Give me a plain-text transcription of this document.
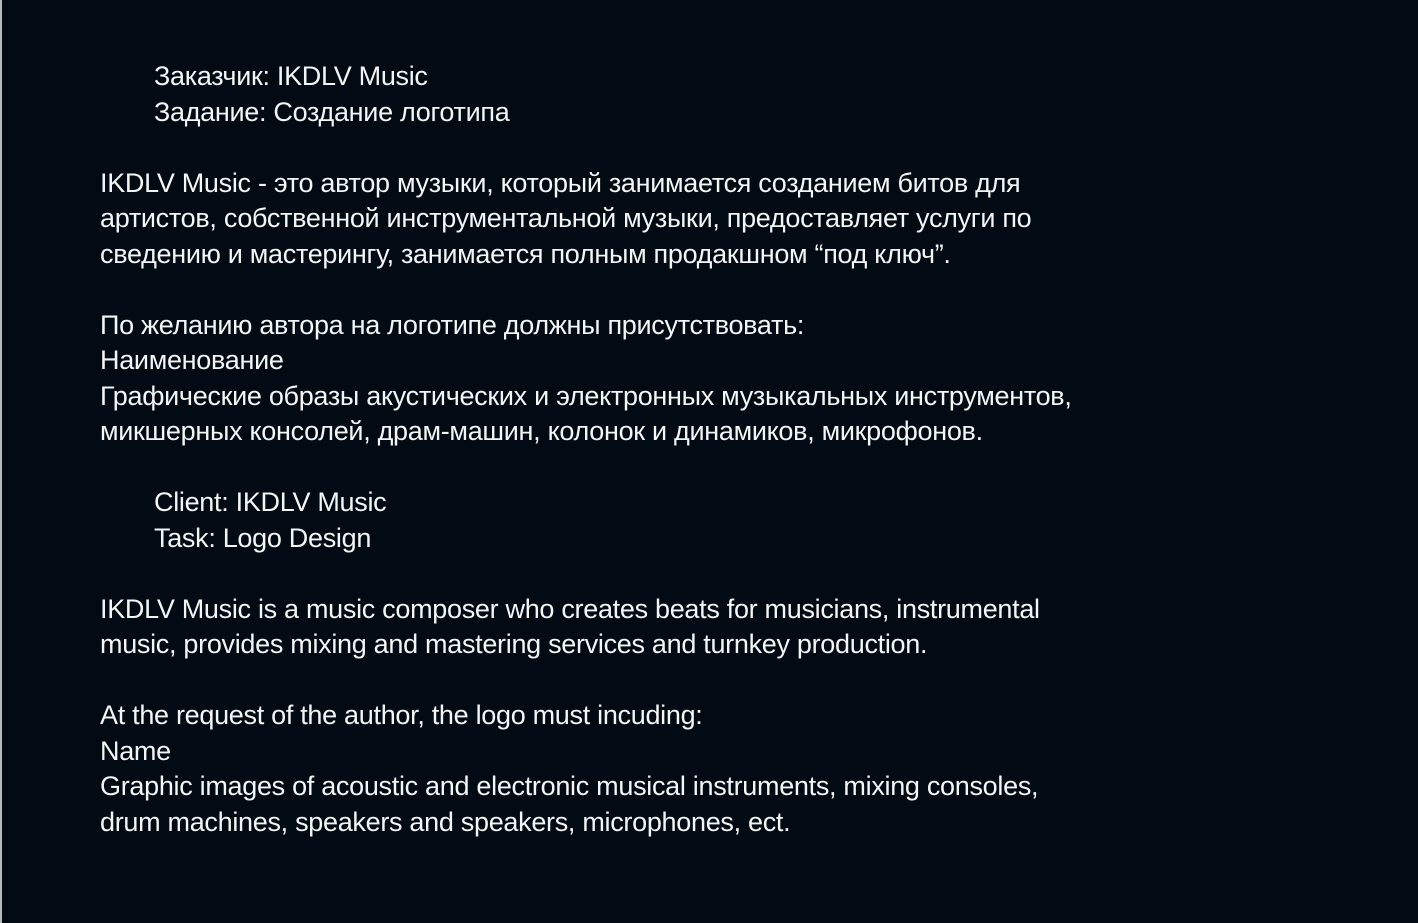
Заказчик: IKDLV Music

Задание: Создание логотипа

IKDLV Music - это автор музыки, который занимается созданием битов для

артистов, собственной инструментальной музыки, предоставляет услуги по

сведению и мастерингу, занимается полным продакшном “под ключ”.

По желанию автора на логотипе должны присутствовать:

Наименование

Графические образы акустических и электронных музыкальных инструментов,

микшерных консолей, драм-машин, колонок и динамиков, микрофонов.

Client: IKDLV Music

Task: Logo Design

IKDLV Music is a music composer who creates beats for musicians, instrumental

music, provides mixing and mastering services and turnkey production.

At the request of the author, the logo must incuding:

Name

Graphic images of acoustic and electronic musical instruments, mixing consoles,

drum machines, speakers and speakers, microphones, ect.
